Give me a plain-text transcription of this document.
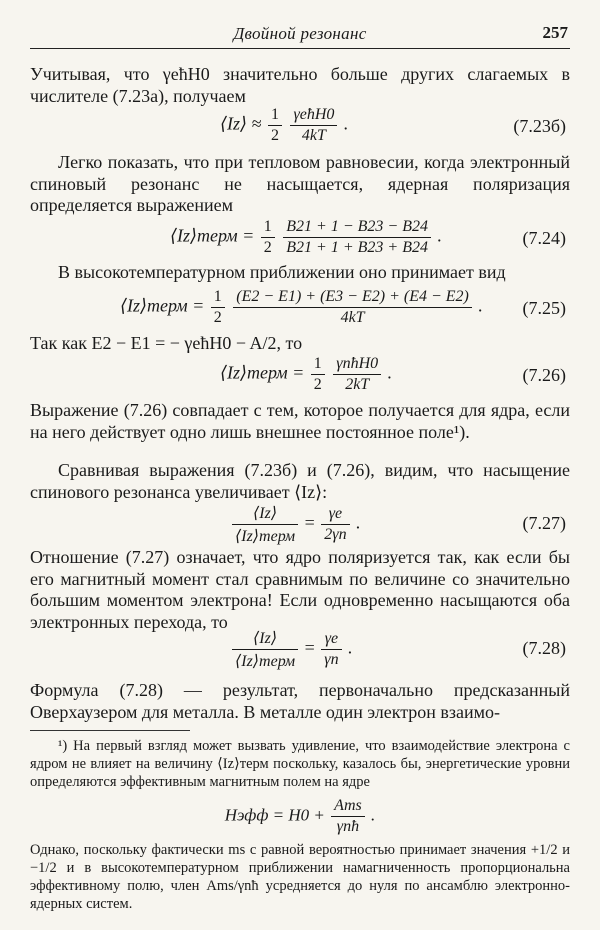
Двойной резонанс	257
Учитывая, что γeħH0 значительно больше других слагаемых в числителе (7.23а), получаем
⟨Iz⟩ ≈ $\frac{1}{2}$
$\frac{\text{γeħH0}}{4kT}$ .	(7.23б)
Легко показать, что при тепловом равновесии, когда электронный спиновый резонанс не насыщается, ядерная поляризация определяется выражением
⟨Iz⟩терм = $\frac{1}{2}$
$\frac{B21 + 1 - B23 - B24}{B21 + 1 + B23 + B24}$ .	(7.24)
В высокотемпературном приближении оно принимает вид
⟨Iz⟩терм = $\frac{1}{2}$
$\frac{(E2 - E1) + (E3 - E2) + (E4 - E2)}{4kT}$ . (7.25)
Так как E2 − E1 = − γeħH0 − A/2, то
⟨Iz⟩терм = $\frac{1}{2}$
$\frac{\text{γnħH0}}{2kT}$ .	(7.26)
Выражение (7.26) совпадает с тем, которое получается для ядра, если на него действует одно лишь внешнее постоянное поле¹).
Сравнивая выражения (7.23б) и (7.26), видим, что насыщение спинового резонанса увеличивает ⟨Iz⟩:
$\frac{⟨Iz⟩}{\text{⟨Iz⟩терм}} = \frac{\gamma e}{2\gamma n}$ .	(7.27)
Отношение (7.27) означает, что ядро поляризуется так, как если бы его магнитный момент стал сравнимым по величине со значительно большим моментом электрона! Если одновременно насыщаются оба электронных перехода, то
$\frac{⟨Iz⟩}{\text{⟨Iz⟩терм}} = \frac{\gamma e}{\gamma n}$ .	(7.28)
Формула (7.28) — результат, первоначально предсказанный Оверхаузером для металла. В металле один электрон взаимо-
¹) На первый взгляд может вызвать удивление, что взаимодействие электрона с ядром не влияет на величину ⟨Iz⟩терм поскольку, казалось бы, энергетические уровни определяются эффективным магнитным полем на ядре
Hэфф = $H0 + \frac{\text{Ams}}{\text{γnħ}}$ .
Однако, поскольку фактически ms с равной вероятностью принимает значения +1/2 и −1/2 и в высокотемпературном приближении намагниченность пропорциональна эффективному полю, член Ams/γnħ усредняется до нуля по ансамблю электронно-ядерных систем.
